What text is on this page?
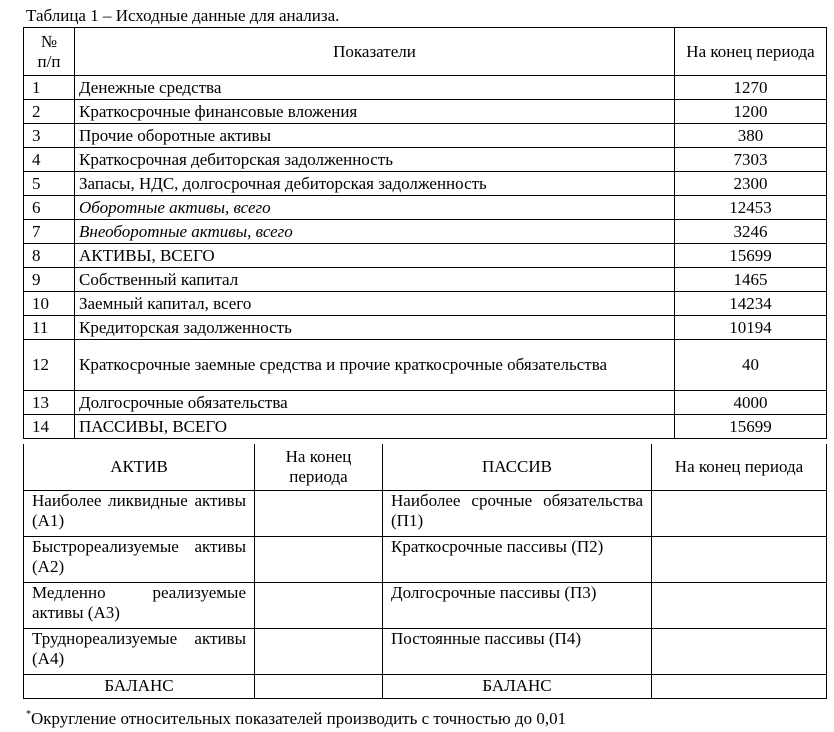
Таблица 1 – Исходные данные для анализа.
№
п/п	Показатели	На конец периода
1	Денежные средства	1270
2	Краткосрочные финансовые вложения	1200
3	Прочие оборотные активы	380
4	Краткосрочная дебиторская задолженность	7303
5	Запасы, НДС, долгосрочная дебиторская задолженность	2300
6	Оборотные активы, всего	12453
7	Внеоборотные активы, всего	3246
8	АКТИВЫ, ВСЕГО	15699
9	Собственный капитал	1465
10	Заемный капитал, всего	14234
11	Кредиторская задолженность	10194
12	Краткосрочные заемные средства и прочие краткосрочные обязательства	40
13	Долгосрочные обязательства	4000
14	ПАССИВЫ, ВСЕГО	15699
АКТИВ	На конец периода	ПАССИВ	На конец периода
Наиболее ликвидные активы (А1)		Наиболее срочные обязательства (П1)	
Быстрореализуемые активы (А2)		Краткосрочные пассивы (П2)	
Медленно реализуемые активы (А3)		Долгосрочные пассивы (П3)	
Труднореализуемые активы (А4)		Постоянные пассивы (П4)	
БАЛАНС		БАЛАНС	
*Округление относительных показателей производить с точностью до 0,01
